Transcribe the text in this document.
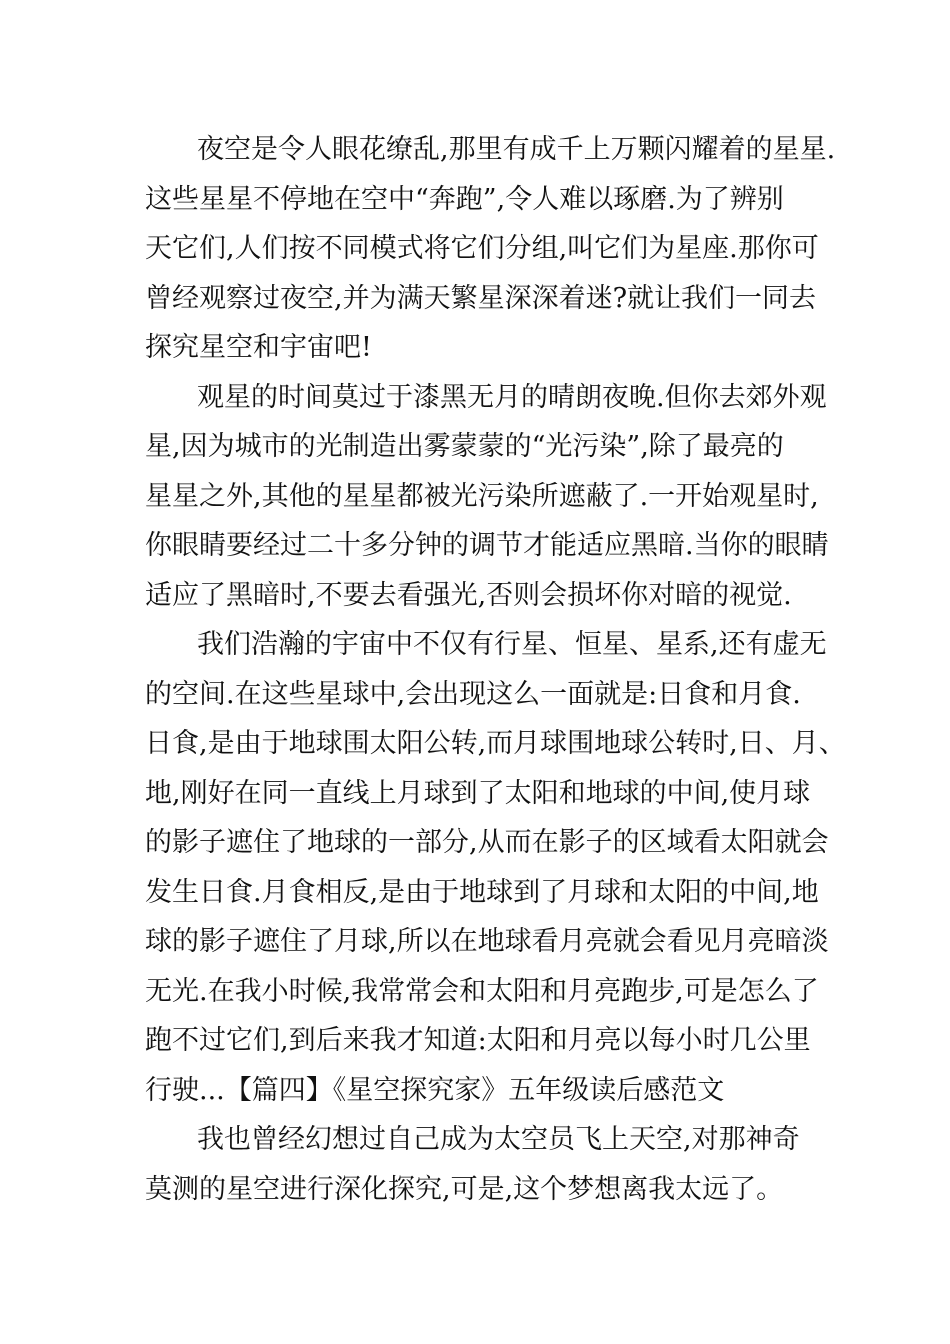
夜空是令人眼花缭乱,那里有成千上万颗闪耀着的星星.
这些星星不停地在空中“奔跑”,令人难以琢磨.为了辨别
天它们,人们按不同模式将它们分组,叫它们为星座.那你可
曾经观察过夜空,并为满天繁星深深着迷?就让我们一同去
探究星空和宇宙吧!
观星的时间莫过于漆黑无月的晴朗夜晚.但你去郊外观
星,因为城市的光制造出雾蒙蒙的“光污染”,除了最亮的
星星之外,其他的星星都被光污染所遮蔽了.一开始观星时,
你眼睛要经过二十多分钟的调节才能适应黑暗.当你的眼睛
适应了黑暗时,不要去看强光,否则会损坏你对暗的视觉.
我们浩瀚的宇宙中不仅有行星、恒星、星系,还有虚无
的空间.在这些星球中,会出现这么一面就是:日食和月食.
日食,是由于地球围太阳公转,而月球围地球公转时,日、月、
地,刚好在同一直线上月球到了太阳和地球的中间,使月球
的影子遮住了地球的一部分,从而在影子的区域看太阳就会
发生日食.月食相反,是由于地球到了月球和太阳的中间,地
球的影子遮住了月球,所以在地球看月亮就会看见月亮暗淡
无光.在我小时候,我常常会和太阳和月亮跑步,可是怎么了
跑不过它们,到后来我才知道:太阳和月亮以每小时几公里
行驶...【篇四】《星空探究家》五年级读后感范文
我也曾经幻想过自己成为太空员飞上天空,对那神奇
莫测的星空进行深化探究,可是,这个梦想离我太远了。
